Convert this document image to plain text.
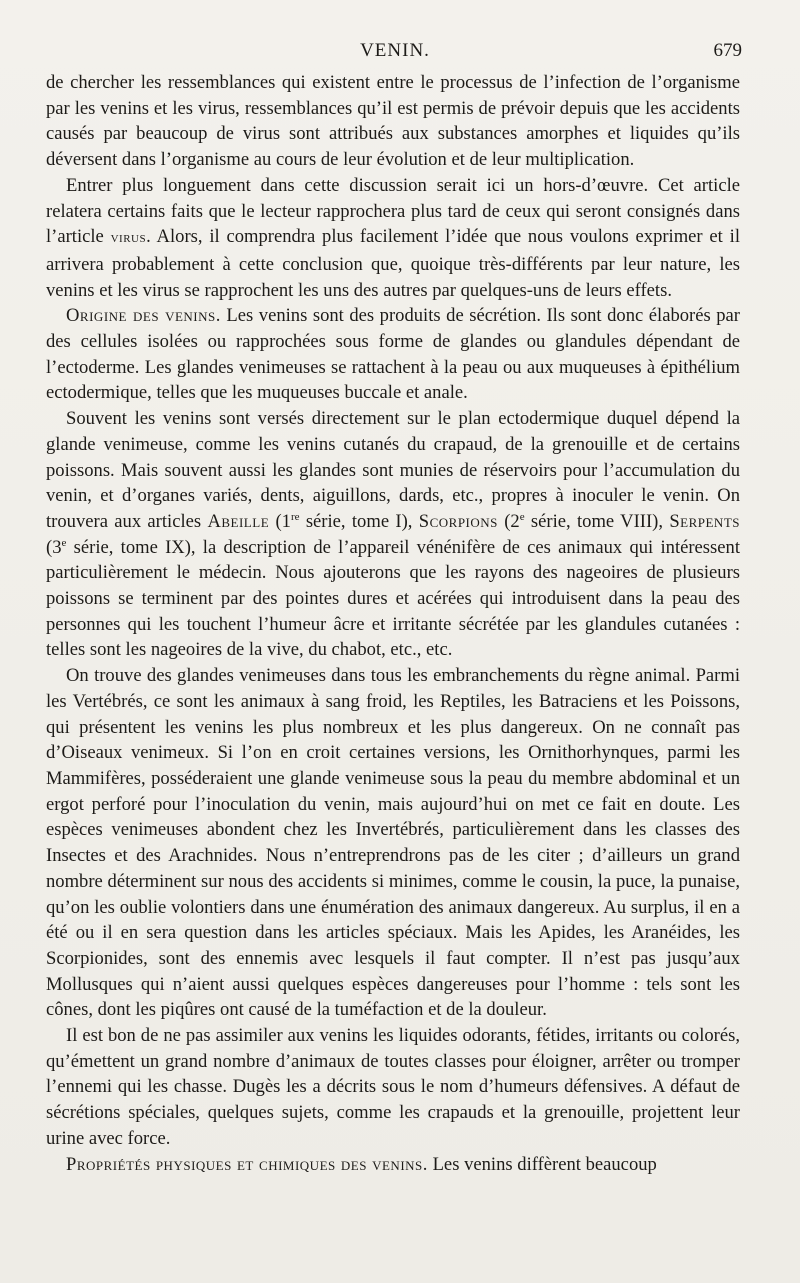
VENIN.	679

de chercher les ressemblances qui existent entre le processus de l’infection de l’organisme par les venins et les virus, ressemblances qu’il est permis de prévoir depuis que les accidents causés par beaucoup de virus sont attribués aux substances amorphes et liquides qu’ils déversent dans l’organisme au cours de leur évolution et de leur multiplication.

Entrer plus longuement dans cette discussion serait ici un hors-d’œuvre. Cet article relatera certains faits que le lecteur rapprochera plus tard de ceux qui seront consignés dans l’article virus. Alors, il comprendra plus facilement l’idée que nous voulons exprimer et il arrivera probablement à cette conclusion que, quoique très-différents par leur nature, les venins et les virus se rapprochent les uns des autres par quelques-uns de leurs effets.

Origine des venins. Les venins sont des produits de sécrétion. Ils sont donc élaborés par des cellules isolées ou rapprochées sous forme de glandes ou glandules dépendant de l’ectoderme. Les glandes venimeuses se rattachent à la peau ou aux muqueuses à épithélium ectodermique, telles que les muqueuses buccale et anale.

Souvent les venins sont versés directement sur le plan ectodermique duquel dépend la glande venimeuse, comme les venins cutanés du crapaud, de la grenouille et de certains poissons. Mais souvent aussi les glandes sont munies de réservoirs pour l’accumulation du venin, et d’organes variés, dents, aiguillons, dards, etc., propres à inoculer le venin. On trouvera aux articles Abeille (1re série, tome I), Scorpions (2e série, tome VIII), Serpents (3e série, tome IX), la description de l’appareil vénénifère de ces animaux qui intéressent particulièrement le médecin. Nous ajouterons que les rayons des nageoires de plusieurs poissons se terminent par des pointes dures et acérées qui introduisent dans la peau des personnes qui les touchent l’humeur âcre et irritante sécrétée par les glandules cutanées : telles sont les nageoires de la vive, du chabot, etc., etc.

On trouve des glandes venimeuses dans tous les embranchements du règne animal. Parmi les Vertébrés, ce sont les animaux à sang froid, les Reptiles, les Batraciens et les Poissons, qui présentent les venins les plus nombreux et les plus dangereux. On ne connaît pas d’Oiseaux venimeux. Si l’on en croit certaines versions, les Ornithorhynques, parmi les Mammifères, posséderaient une glande venimeuse sous la peau du membre abdominal et un ergot perforé pour l’inoculation du venin, mais aujourd’hui on met ce fait en doute. Les espèces venimeuses abondent chez les Invertébrés, particulièrement dans les classes des Insectes et des Arachnides. Nous n’entreprendrons pas de les citer ; d’ailleurs un grand nombre déterminent sur nous des accidents si minimes, comme le cousin, la puce, la punaise, qu’on les oublie volontiers dans une énumération des animaux dangereux. Au surplus, il en a été ou il en sera question dans les articles spéciaux. Mais les Apides, les Aranéides, les Scorpionides, sont des ennemis avec lesquels il faut compter. Il n’est pas jusqu’aux Mollusques qui n’aient aussi quelques espèces dangereuses pour l’homme : tels sont les cônes, dont les piqûres ont causé de la tuméfaction et de la douleur.

Il est bon de ne pas assimiler aux venins les liquides odorants, fétides, irritants ou colorés, qu’émettent un grand nombre d’animaux de toutes classes pour éloigner, arrêter ou tromper l’ennemi qui les chasse. Dugès les a décrits sous le nom d’humeurs défensives. A défaut de sécrétions spéciales, quelques sujets, comme les crapauds et la grenouille, projettent leur urine avec force.

Propriétés physiques et chimiques des venins. Les venins diffèrent beaucoup
